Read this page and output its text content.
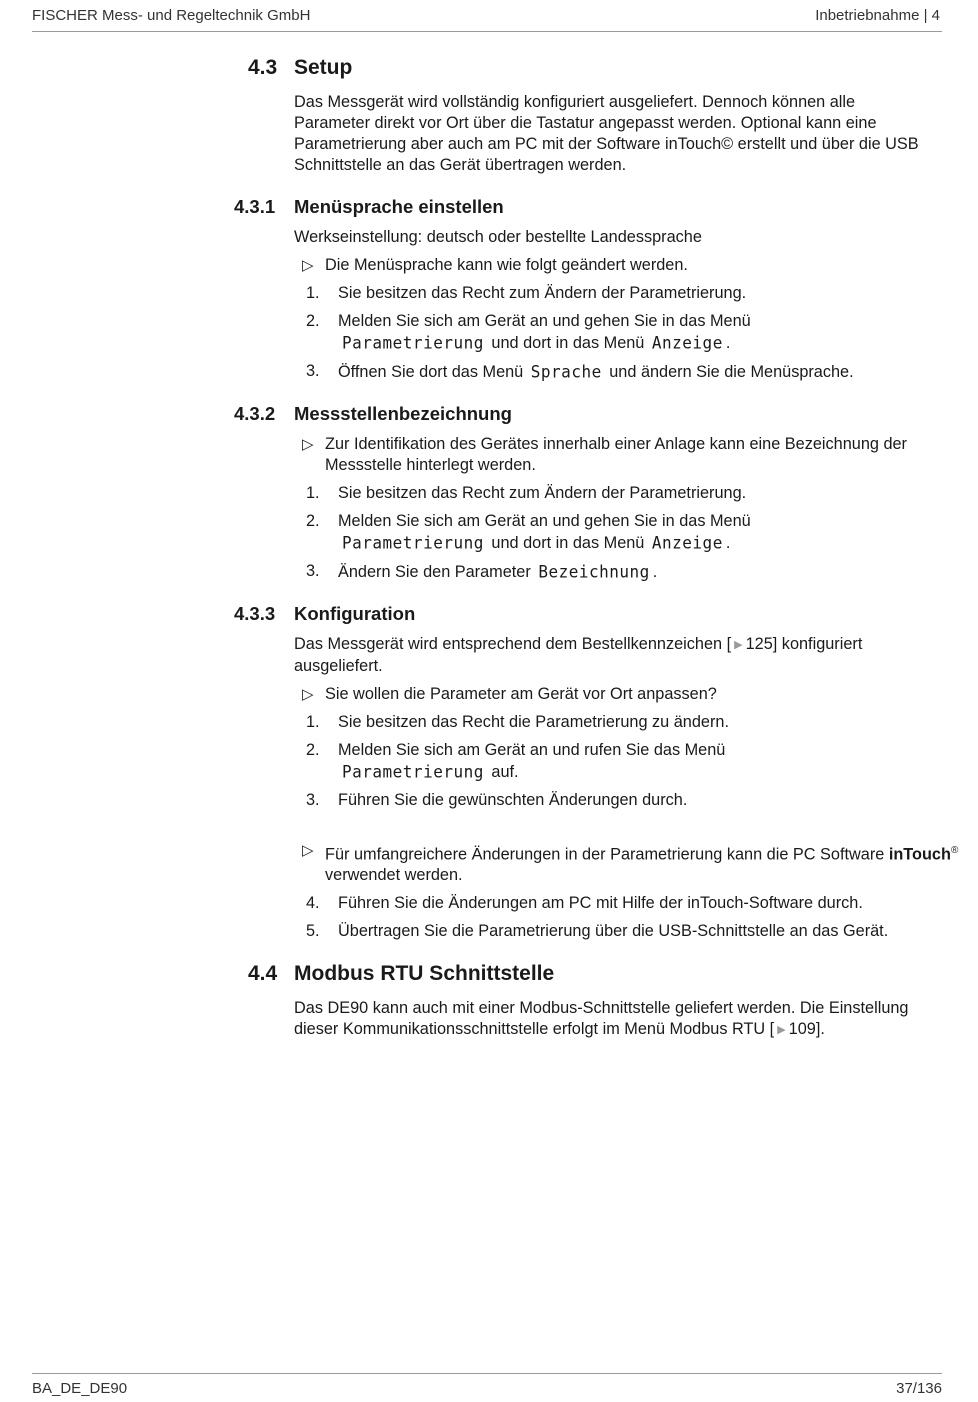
FISCHER Mess- und Regeltechnik GmbH	Inbetriebnahme | 4
4.3 Setup
Das Messgerät wird vollständig konfiguriert ausgeliefert. Dennoch können alle Parameter direkt vor Ort über die Tastatur angepasst werden. Optional kann eine Parametrierung aber auch am PC mit der Software inTouch© erstellt und über die USB Schnittstelle an das Gerät übertragen werden.
4.3.1 Menüsprache einstellen
Werkseinstellung: deutsch oder bestellte Landessprache
▷ Die Menüsprache kann wie folgt geändert werden.
1. Sie besitzen das Recht zum Ändern der Parametrierung.
2. Melden Sie sich am Gerät an und gehen Sie in das Menü
Parametrierung und dort in das Menü Anzeige .
3. Öffnen Sie dort das Menü Sprache und ändern Sie die Menüsprache.
4.3.2 Messstellenbezeichnung
▷ Zur Identifikation des Gerätes innerhalb einer Anlage kann eine Bezeichnung der Messstelle hinterlegt werden.
1. Sie besitzen das Recht zum Ändern der Parametrierung.
2. Melden Sie sich am Gerät an und gehen Sie in das Menü
Parametrierung und dort in das Menü Anzeige .
3. Ändern Sie den Parameter Bezeichnung .
4.3.3 Konfiguration
Das Messgerät wird entsprechend dem Bestellkennzeichen [ ▶ 125] konfiguriert ausgeliefert.
▷ Sie wollen die Parameter am Gerät vor Ort anpassen?
1. Sie besitzen das Recht die Parametrierung zu ändern.
2. Melden Sie sich am Gerät an und rufen Sie das Menü
Parametrierung auf.
3. Führen Sie die gewünschten Änderungen durch.
▷ Für umfangreichere Änderungen in der Parametrierung kann die PC Software inTouch® verwendet werden.
4. Führen Sie die Änderungen am PC mit Hilfe der inTouch-Software durch.
5. Übertragen Sie die Parametrierung über die USB-Schnittstelle an das Gerät.
4.4 Modbus RTU Schnittstelle
Das DE90 kann auch mit einer Modbus-Schnittstelle geliefert werden. Die Einstellung dieser Kommunikationsschnittstelle erfolgt im Menü Modbus RTU [ ▶ 109].
BA_DE_DE90	37/136
